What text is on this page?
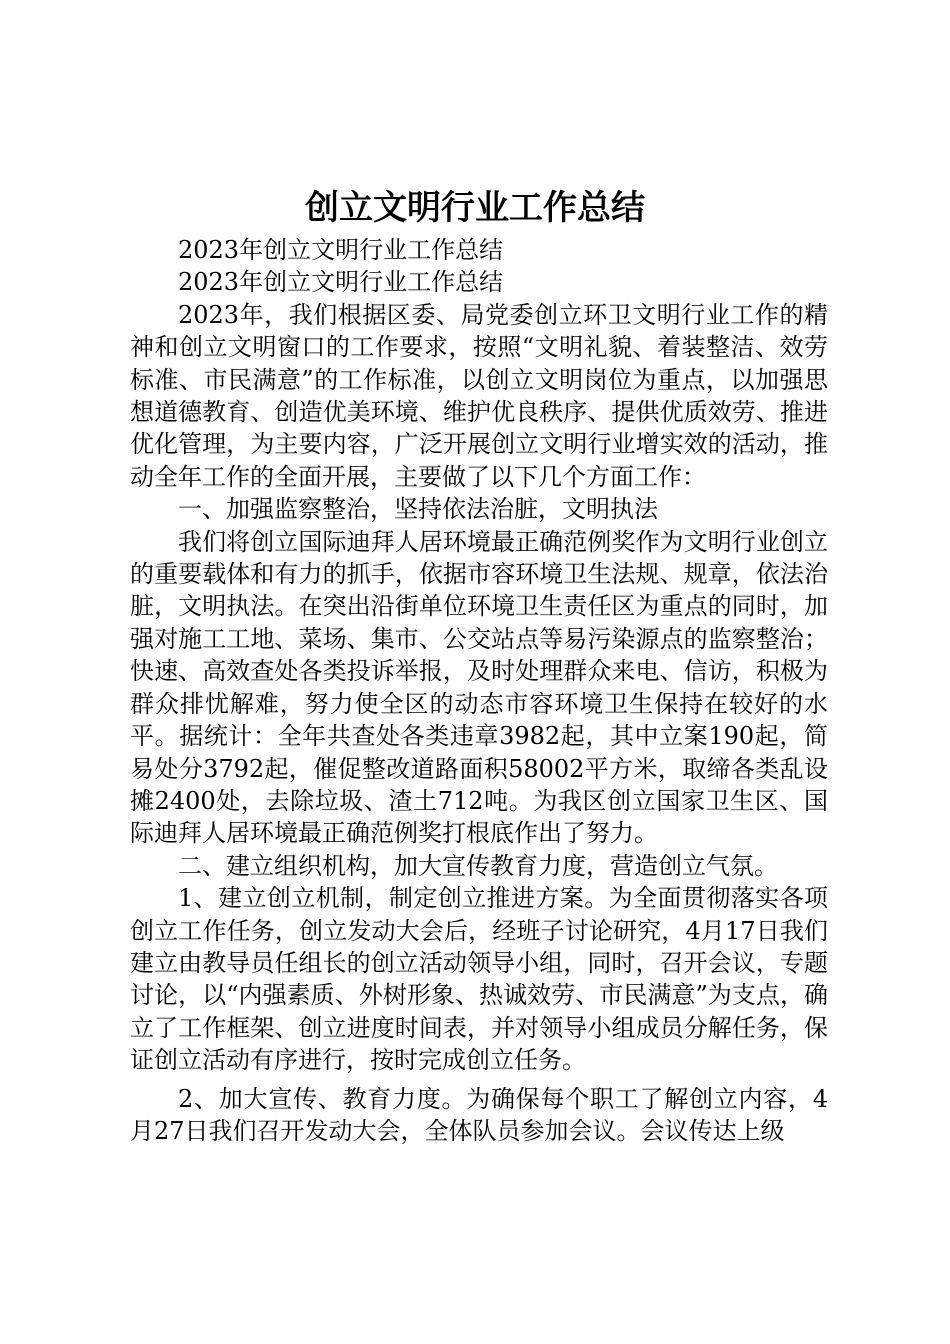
创立文明行业工作总结

2023年创立文明行业工作总结

2023年创立文明行业工作总结

2023年，我们根据区委、局党委创立环卫文明行业工作的精神和创立文明窗口的工作要求，按照“文明礼貌、着装整洁、效劳标准、市民满意”的工作标准，以创立文明岗位为重点，以加强思想道德教育、创造优美环境、维护优良秩序、提供优质效劳、推进优化管理，为主要内容，广泛开展创立文明行业增实效的活动，推动全年工作的全面开展，主要做了以下几个方面工作：

一、加强监察整治，坚持依法治脏，文明执法

我们将创立国际迪拜人居环境最正确范例奖作为文明行业创立的重要载体和有力的抓手，依据市容环境卫生法规、规章，依法治脏，文明执法。在突出沿街单位环境卫生责任区为重点的同时，加强对施工工地、菜场、集市、公交站点等易污染源点的监察整治；快速、高效查处各类投诉举报，及时处理群众来电、信访，积极为群众排忧解难，努力使全区的动态市容环境卫生保持在较好的水平。据统计：全年共查处各类违章3982起，其中立案190起，简易处分3792起，催促整改道路面积58002平方米，取缔各类乱设摊2400处，去除垃圾、渣土712吨。为我区创立国家卫生区、国际迪拜人居环境最正确范例奖打根底作出了努力。

二、建立组织机构，加大宣传教育力度，营造创立气氛。

1、建立创立机制，制定创立推进方案。为全面贯彻落实各项创立工作任务，创立发动大会后，经班子讨论研究，4月17日我们建立由教导员任组长的创立活动领导小组，同时，召开会议，专题讨论，以“内强素质、外树形象、热诚效劳、市民满意”为支点，确立了工作框架、创立进度时间表，并对领导小组成员分解任务，保证创立活动有序进行，按时完成创立任务。

2、加大宣传、教育力度。为确保每个职工了解创立内容，4月27日我们召开发动大会，全体队员参加会议。会议传达上级
